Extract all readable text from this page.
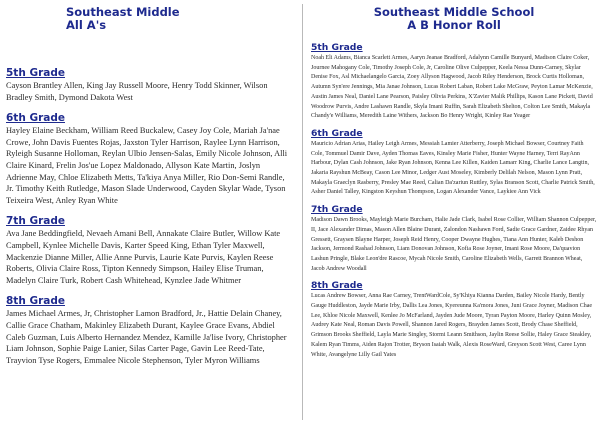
Southeast Middle
All A's
5th Grade
Cayson Brantley Allen, King Jay Russell Moore, Henry Todd Skinner, Wilson Bradley Smith, Dymond Dakota West
6th Grade
Hayley Elaine Beckham, William Reed Buckalew, Casey Joy Cole, Mariah Ja'nae Crowe, John Davis Fuentes Rojas, Jaxston Tyler Harrison, Raylee Lynn Harrison, Ryleigh Susanne Holloman, Reylan Ulbio Jensen-Salas, Emily Nicole Johnson, Alli Claire Kinard, Frelin Jos'ue Lopez Maldonado, Allyson Kate Martin, Joslyn Adrienne May, Chloe Elizabeth Metts, Ta'kiya Anya Miller, Rio Don-Semi Randle, Jr. Timothy Keith Rutledge, Mason Slade Underwood, Cayden Skylar Wade, Tyson Teixeira West, Anley Ryan White
7th Grade
Ava Jane Beddingfield, Nevaeh Amani Bell, Annakate Claire Butler, Willow Kate Campbell, Kynlee Michelle Davis, Karter Speed King, Ethan Tyler Maxwell, Mackenzie Dianne Miller, Allie Anne Purvis, Laurie Kate Purvis, Kaylen Reese Roberts, Olivia Claire Ross, Tipton Kennedy Simpson, Hailey Elise Truman, Madelyn Claire Turk, Robert Cash Whitehead, Kynzlee Jade Whitmer
8th Grade
James Michael Armes, Jr, Christopher Lamon Bradford, Jr., Hattie Delain Chaney, Callie Grace Chatham, Makinley Elizabeth Durant, Kaylee Grace Evans, Abdiel Caleb Guzman, Luis Alberto Hernandez Mendez, Kamille Ja'lise Ivory, Christopher Liam Johnson, Sophie Paige Lanier, Silas Carter Page, Gavin Lee Reed-Tate, Trayvion Tyse Rogers, Emmalee Nicole Stephenson, Tyler Myron Williams
Southeast Middle School
A B Honor Roll
5th Grade
Noah Eli Adams, Bianca Scarlett Armes, Aaryn Jeanae Bradford, Adalynn Camille Bunyard, Madison Claire Coker, Journee Mahogany Cole, Timothy Joseph Cole, Jr, Caroline Olive Culpepper, Keela Nessa Dunn-Carney, Skylar Denise Fox, Asl Michaelangelo Garcia, Zoey Allyson Hagwood, Jacob Riley Henderson, Brock Curtis Holloman, Autumn Syn'ere Jennings, Mia Janae Johnson, Lucas Robert Laban, Robert Lake McGraw, Peyton Lamar McKenzie, Austin James Neal, Daniel Lane Pearson, Paisley Olivia Perkins, X'Zavier Malik Phillips, Kason Lane Pickett, David Woodrow Purvis, Andre Lashawn Randle, Skyla Imani Ruffin, Sarah Elizabeth Shelton, Colton Lee Smith, Makayla Chandy'e Williams, Meredith Laine Withers, Jackson Bo Henry Wright, Kinley Rae Yeager
6th Grade
Mauricio Adrian Arias, Hailey Leigh Armes, Messiah Lamier Atterberry, Joseph Michael Bowser, Courtney Faith Cole, Tommuel Damir Dave, Ayden Thomas Eaves, Kinsley Marie Fisher, Hunter Wayne Harney, Terri RayAnn Harbour, Dylan Cash Johnson, Jake Ryan Johnson, Kenna Lee Killen, Kaiden Lamarr King, Charlie Lance Langtin, Jakaria Rayshun McBeay, Cason Lee Minor, Ledger Aust Moseley, Kimberly Delilah Nelson, Mason Lynn Pratt, Makayla Graeclyn Rasberry, Presley Mae Reed, Calian Da'zariun Ruttley, Sylas Branson Scott, Charlie Patrick Smith, Asher Daniel Talley, Kingston Keyshun Thompson, Logan Alexander Vance, Laykiee Ann Vick
7th Grade
Madison Dawn Brooks, Mayleigh Marie Burcham, Halie Jade Clark, Isabel Rose Collier, William Shannon Culpepper, II, Jace Alexander Dimas, Mason Allen Blaine Durant, Zalondon Nashawn Ford, Sadie Grace Gardner, Zaidee Rhyan Gressett, Graysen Blayne Harper, Joseph Reid Henry, Cooper Dwayne Hughes, Tiana Ann Hunter, Kaleb Deshon Jackson, Jermond Rashad Johnson, Liam Donovan Johnson, Kofia Rose Joyner, Imani Rose Moore, Da'quavion Lashun Pringle, Blake Leon'dre Rascoe, Mycah Nicole Smith, Caroline Elizabeth Wells, Garrett Brannon Wheat, Jacob Andrew Woodall
8th Grade
Lucas Andrew Bowser, Anna Rae Carney, TrentWardCole, Sy'Khiya Kianna Darden, Bailey Nicole Hardy, Bently Gauge Huddleston, Jayde Marie Irby, Dallis Lea Jones, Kyereunna Ka'mora Jones, Juni Grace Joyner, Madison Chae Lee, Khloe Nicole Maxwell, Kenlee Jo McFarland, Jayden Jude Moore, Tyran Payton Moore, Harley Quinn Mosley, Audrey Kate Neal, Roman Davis Powell, Shannon Jared Rogers, Brayden James Scott, Brody Chase Sheffield, Grimson Brooks Sheffield, Layla Marie Singley, Stormi Leann Smithson, Jaylin Reese Sollie, Haley Grace Steakley, Kalem Ryan Timms, Aiden Rajon Trotter, Bryson Isaiah Walk, Alexis RoseWard, Greyson Scott West, Caree Lynn White, Avangelyne Lilly Gail Yates
